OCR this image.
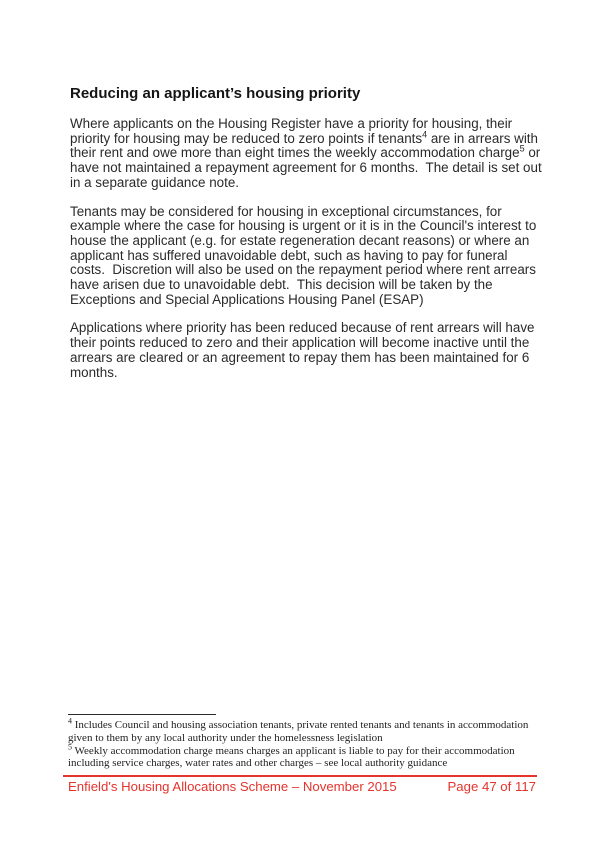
Reducing an applicant’s housing priority

Where applicants on the Housing Register have a priority for housing, their priority for housing may be reduced to zero points if tenants$^4$ are in arrears with their rent and owe more than eight times the weekly accommodation charge$^5$ or have not maintained a repayment agreement for 6 months.  The detail is set out in a separate guidance note.

Tenants may be considered for housing in exceptional circumstances, for example where the case for housing is urgent or it is in the Council's interest to house the applicant (e.g. for estate regeneration decant reasons) or where an applicant has suffered unavoidable debt, such as having to pay for funeral costs.  Discretion will also be used on the repayment period where rent arrears have arisen due to unavoidable debt.  This decision will be taken by the Exceptions and Special Applications Housing Panel (ESAP)

Applications where priority has been reduced because of rent arrears will have their points reduced to zero and their application will become inactive until the arrears are cleared or an agreement to repay them has been maintained for 6 months.

$^4$ Includes Council and housing association tenants, private rented tenants and tenants in accommodation given to them by any local authority under the homelessness legislation

$^5$ Weekly accommodation charge means charges an applicant is liable to pay for their accommodation including service charges, water rates and other charges – see local authority guidance

Enfield's Housing Allocations Scheme – November 2015	Page 47 of 117
